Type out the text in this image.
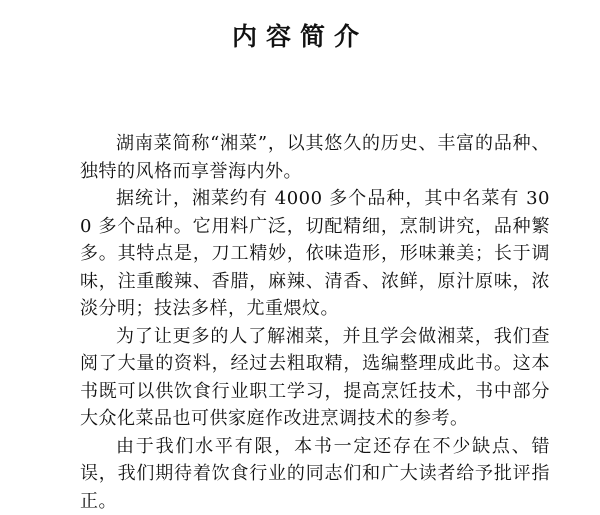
内容简介

湖南菜简称“湘菜”，以其悠久的历史、丰富的品种、独特的风格而享誉海内外。

据统计，湘菜约有 4000 多个品种，其中名菜有 300 多个品种。它用料广泛，切配精细，烹制讲究，品种繁多。其特点是，刀工精妙，依味造形，形味兼美；长于调味，注重酸辣、香腊，麻辣、清香、浓鲜，原汁原味，浓淡分明；技法多样，尤重煨炆。

为了让更多的人了解湘菜，并且学会做湘菜，我们查阅了大量的资料，经过去粗取精，选编整理成此书。这本书既可以供饮食行业职工学习，提高烹饪技术，书中部分大众化菜品也可供家庭作改进烹调技术的参考。

由于我们水平有限，本书一定还存在不少缺点、错误，我们期待着饮食行业的同志们和广大读者给予批评指正。
